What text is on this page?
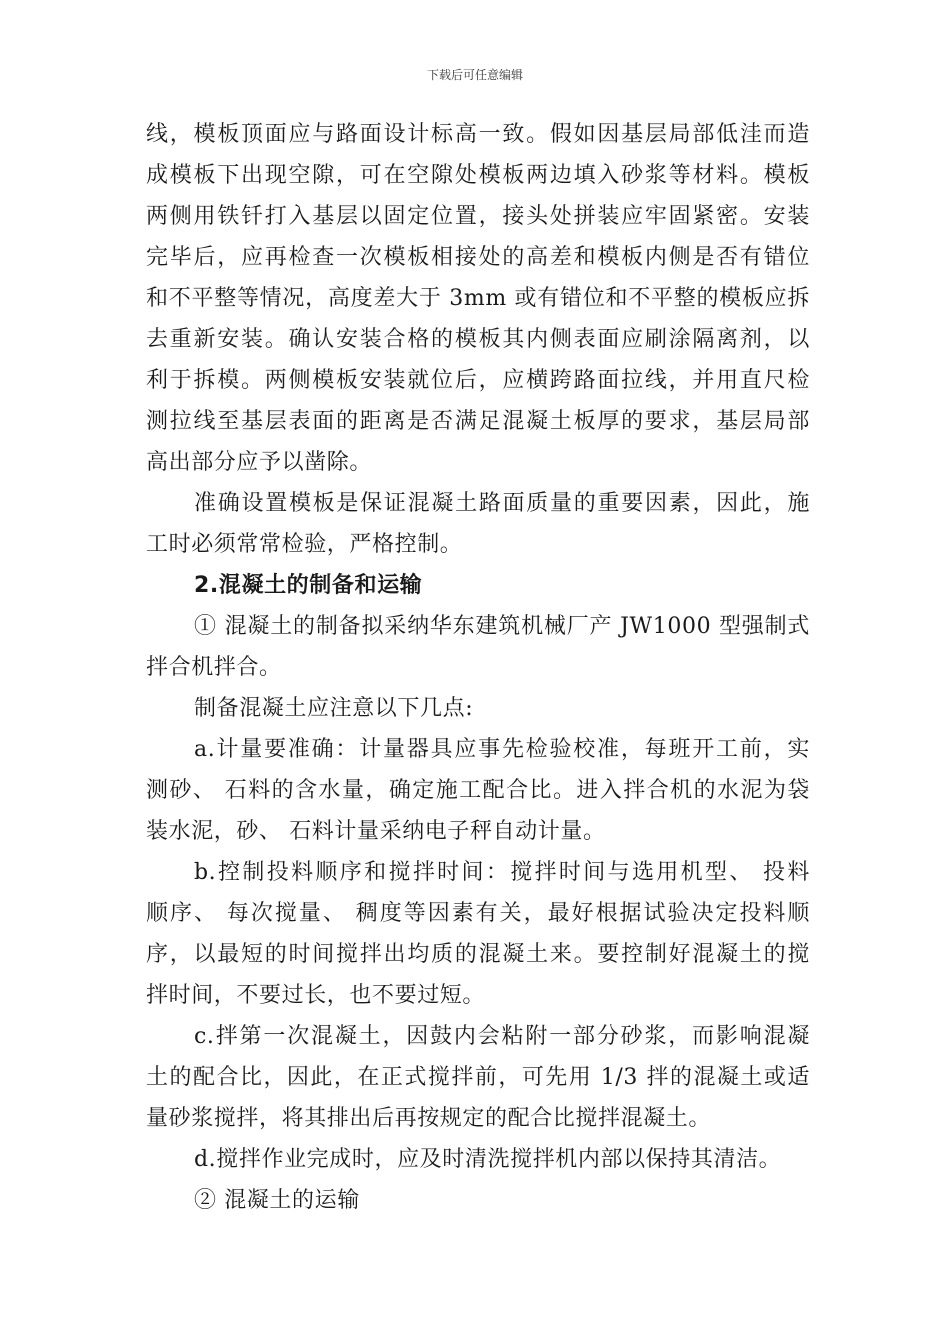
下载后可任意编辑
线，模板顶面应与路面设计标高一致。假如因基层局部低洼而造
成模板下出现空隙，可在空隙处模板两边填入砂浆等材料。模板
两侧用铁钎打入基层以固定位置，接头处拼装应牢固紧密。安装
完毕后，应再检查一次模板相接处的高差和模板内侧是否有错位
和不平整等情况，高度差大于 3mm 或有错位和不平整的模板应拆
去重新安装。确认安装合格的模板其内侧表面应刷涂隔离剂，以
利于拆模。两侧模板安装就位后，应横跨路面拉线，并用直尺检
测拉线至基层表面的距离是否满足混凝土板厚的要求，基层局部
高出部分应予以凿除。
准确设置模板是保证混凝土路面质量的重要因素，因此，施
工时必须常常检验，严格控制。
2.混凝土的制备和运输
① 混凝土的制备拟采纳华东建筑机械厂产 JW1000 型强制式
拌合机拌合。
制备混凝土应注意以下几点:
a.计量要准确：计量器具应事先检验校准，每班开工前，实
测砂、 石料的含水量，确定施工配合比。进入拌合机的水泥为袋
装水泥，砂、 石料计量采纳电子秤自动计量。
b.控制投料顺序和搅拌时间：搅拌时间与选用机型、 投料
顺序、 每次搅量、 稠度等因素有关，最好根据试验决定投料顺
序，以最短的时间搅拌出均质的混凝土来。要控制好混凝土的搅
拌时间，不要过长，也不要过短。
c.拌第一次混凝土，因鼓内会粘附一部分砂浆，而影响混凝
土的配合比，因此，在正式搅拌前，可先用 1/3 拌的混凝土或适
量砂浆搅拌，将其排出后再按规定的配合比搅拌混凝土。
d.搅拌作业完成时，应及时清洗搅拌机内部以保持其清洁。
② 混凝土的运输
